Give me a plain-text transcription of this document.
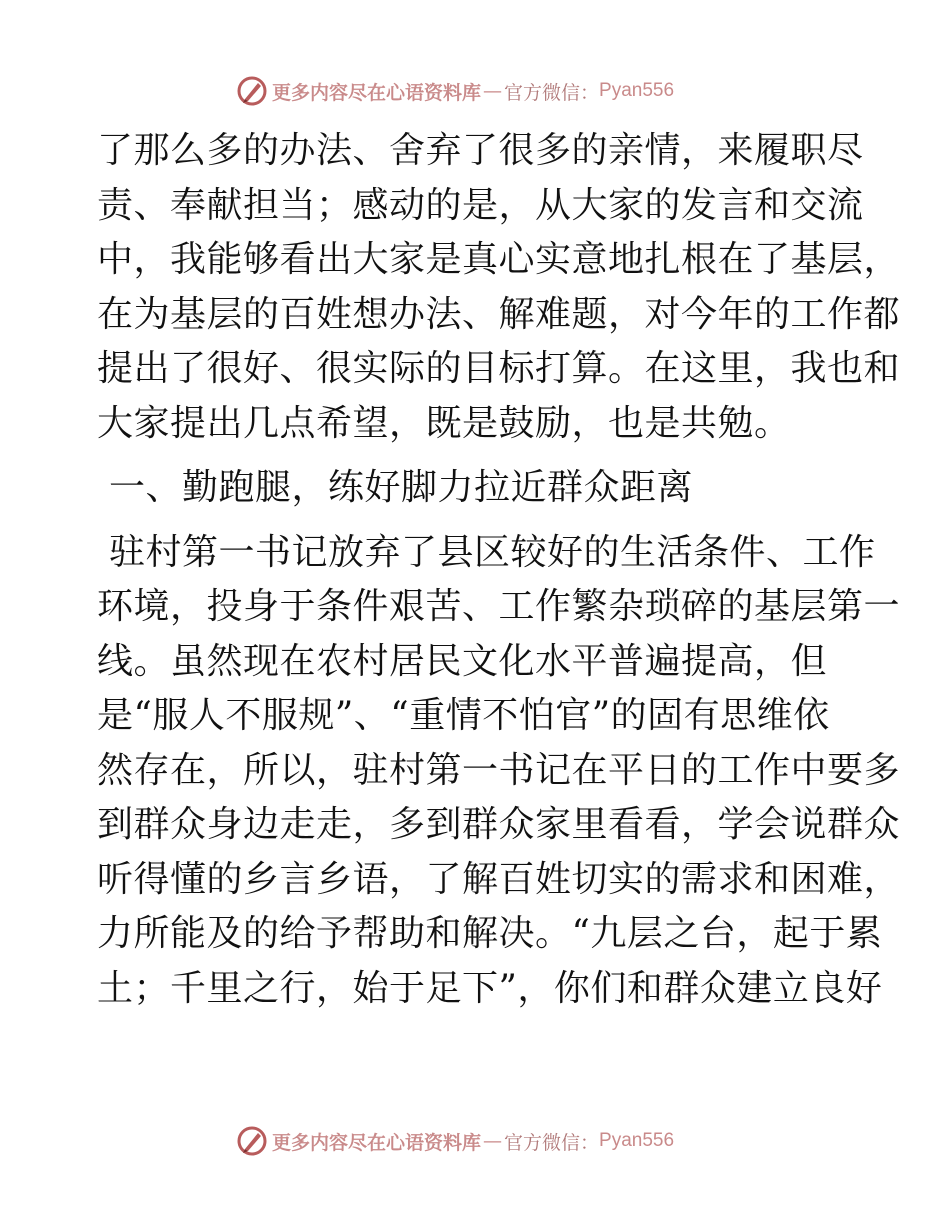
更多内容尽在心语资料库 — 官方微信： Pyan556
了那么多的办法、舍弃了很多的亲情，来履职尽
责、奉献担当；感动的是，从大家的发言和交流
中，我能够看出大家是真心实意地扎根在了基层，
在为基层的百姓想办法、解难题，对今年的工作都
提出了很好、很实际的目标打算。在这里，我也和
大家提出几点希望，既是鼓励，也是共勉。
一、勤跑腿，练好脚力拉近群众距离
驻村第一书记放弃了县区较好的生活条件、工作
环境，投身于条件艰苦、工作繁杂琐碎的基层第一
线。虽然现在农村居民文化水平普遍提高，但
是“服人不服规”、“重情不怕官”的固有思维依
然存在，所以，驻村第一书记在平日的工作中要多
到群众身边走走，多到群众家里看看，学会说群众
听得懂的乡言乡语，了解百姓切实的需求和困难，
力所能及的给予帮助和解决。“九层之台，起于累
土；千里之行，始于足下”，你们和群众建立良好
更多内容尽在心语资料库 — 官方微信： Pyan556
